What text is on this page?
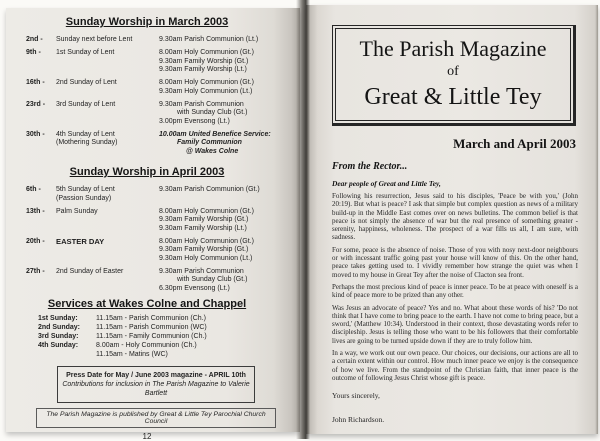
Sunday Worship in March 2003
2nd -	Sunday next before Lent	9.30am Parish Communion (Lt.)
9th -	1st Sunday of Lent	8.00am Holy Communion (Gt.)
9.30am Family Worship (Gt.)
9.30am Family Worship (Lt.)
16th -	2nd Sunday of Lent	8.00am Holy Communion (Gt.)
9.30am Holy Communion (Lt.)
23rd -	3rd Sunday of Lent	9.30am Parish Communion
with Sunday Club (Gt.)
3.00pm Evensong (Lt.)
30th -	4th Sunday of Lent
(Mothering Sunday)
10.00am United Benefice Service:
Family Communion
@ Wakes Colne
Sunday Worship in April 2003
6th -	5th Sunday of Lent
(Passion Sunday)
9.30am Parish Communion (Gt.)
13th -	Palm Sunday	8.00am Holy Communion (Gt.)
9.30am Family Worship (Gt.)
9.30am Family Worship (Lt.)
20th -	EASTER DAY	8.00am Holy Communion (Gt.)
9.30am Family Worship (Gt.)
9.30am Holy Communion (Lt.)
27th -	2nd Sunday of Easter	9.30am Parish Communion
with Sunday Club (Gt.)
6.30pm Evensong (Lt.)
Services at Wakes Colne and Chappel
1st Sunday:	11.15am - Parish Communion (Ch.)
2nd Sunday:	11.15am - Parish Communion (WC)
3rd Sunday:	11.15am - Family Communion (Ch.)
4th Sunday:	8.00am - Holy Communion (Ch.)
11.15am - Matins (WC)
Press Date for May / June 2003 magazine - APRIL 10th
Contributions for inclusion in The Parish Magazine to Valerie Bartlett
The Parish Magazine is published by Great & Little Tey Parochial Church Council
12
The Parish Magazine
of
Great & Little Tey
March and April 2003
From the Rector...
Dear people of Great and Little Tey,
Following his resurrection, Jesus said to his disciples, 'Peace be with you,' (John 20:19). But what is peace? I ask that simple but complex question as news of a military build-up in the Middle East comes over on news bulletins. The common belief is that peace is not simply the absence of war but the real presence of something greater - serenity, happiness, wholeness. The prospect of a war fills us all, I am sure, with sadness.
For some, peace is the absence of noise. Those of you with nosy next-door neighbours or with incessant traffic going past your house will know of this. On the other hand, peace takes getting used to. I vividly remember how strange the quiet was when I moved to my house in Great Tey after the noise of Clacton sea front.
Perhaps the most precious kind of peace is inner peace. To be at peace with oneself is a kind of peace more to be prized than any other.
Was Jesus an advocate of peace? Yes and no. What about these words of his? 'Do not think that I have come to bring peace to the earth. I have not come to bring peace, but a sword,' (Matthew 10:34). Understood in their context, those devastating words refer to discipleship. Jesus is telling those who want to be his followers that their comfortable lives are going to be turned upside down if they are to truly follow him.
In a way, we work out our own peace. Our choices, our decisions, our actions are all to a certain extent within our control. How much inner peace we enjoy is the consequence of how we live. From the standpoint of the Christian faith, that inner peace is the outcome of following Jesus Christ whose gift is peace.
Yours sincerely,
John Richardson.
